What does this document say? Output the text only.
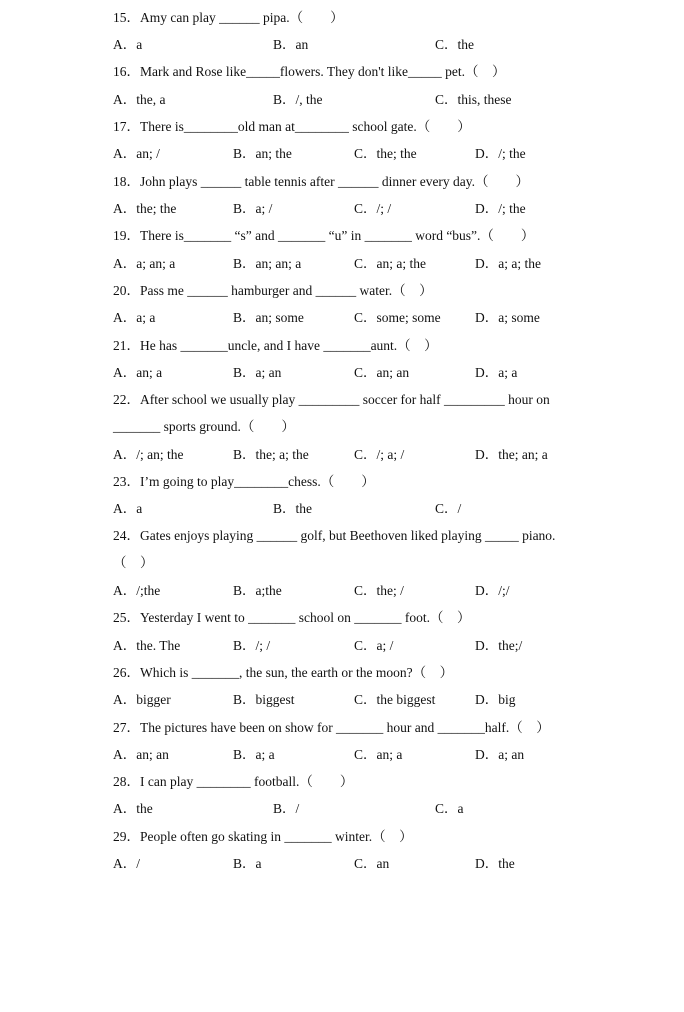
15．Amy can play ______ pipa.（　　）

A．a

	B．an

	C．the

16．Mark and Rose like_____flowers. They don't like_____ pet.（　）

A．the, a

	B．/, the

	C．this, these

17．There is________old man at________ school gate.（　　）

A．an; /

	B．an; the

	C．the; the

	D．/; the

18．John plays ______ table tennis after ______ dinner every day.（　　）

A．the; the

	B．a; /

	C．/; /

	D．/; the

19．There is_______ “s” and _______ “u” in _______ word “bus”.（　　）

A．a; an; a

	B．an; an; a

	C．an; a; the

	D．a; a; the

20．Pass me ______ hamburger and ______ water.（　）

A．a; a

	B．an; some

	C．some; some

	D．a; some

21．He has _______uncle, and I have _______aunt.（　）

A．an; a

	B．a; an

	C．an; an

	D．a; a

22．After school we usually play _________ soccer for half _________ hour on

_______ sports ground.（　　）

A．/; an; the

	B．the; a; the

	C．/; a; /

	D．the; an; a

23．I’m going to play________chess.（　　）

A．a

	B．the

	C．/

24．Gates enjoys playing ______ golf, but Beethoven liked playing _____ piano.

（　）

A．/;the

	B．a;the

	C．the; /

	D．/;/

25．Yesterday I went to _______ school on _______ foot.（　）

A．the. The

	B．/; /

	C．a; /

	D．the;/

26．Which is _______, the sun, the earth or the moon?（　）

A．bigger

	B．biggest

	C．the biggest

	D．big

27．The pictures have been on show for _______ hour and _______half.（　）

A．an; an

	B．a; a

	C．an; a

	D．a; an

28．I can play ________ football.（　　）

A．the

	B．/

	C．a

29．People often go skating in _______ winter.（　）

A．/

	B．a

	C．an

	D．the
